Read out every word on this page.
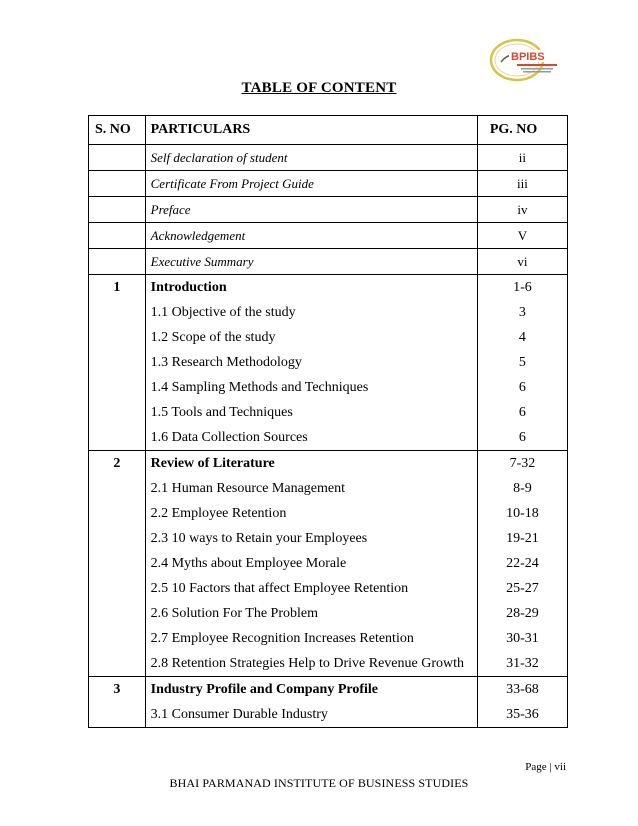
BPIBS
TABLE OF CONTENT
S. NO	PARTICULARS	PG. NO
	Self declaration of student	ii
	Certificate From Project Guide	iii
	Preface	iv
	Acknowledgement	V
	Executive Summary	vi
1	Introduction	1-6
	1.1 Objective of the study	3
	1.2 Scope of the study	4
	1.3 Research Methodology	5
	1.4 Sampling Methods and Techniques	6
	1.5 Tools and Techniques	6
	1.6 Data Collection Sources	6
2	Review of Literature	7-32
	2.1 Human Resource Management	8-9
	2.2 Employee Retention	10-18
	2.3 10 ways to Retain your Employees	19-21
	2.4 Myths about Employee Morale	22-24
	2.5 10 Factors that affect Employee Retention	25-27
	2.6 Solution For The Problem	28-29
	2.7 Employee Recognition Increases Retention	30-31
	2.8 Retention Strategies Help to Drive Revenue Growth	31-32
3	Industry Profile and Company Profile	33-68
	3.1 Consumer Durable Industry	35-36
Page | vii
BHAI PARMANAD INSTITUTE OF BUSINESS STUDIES
